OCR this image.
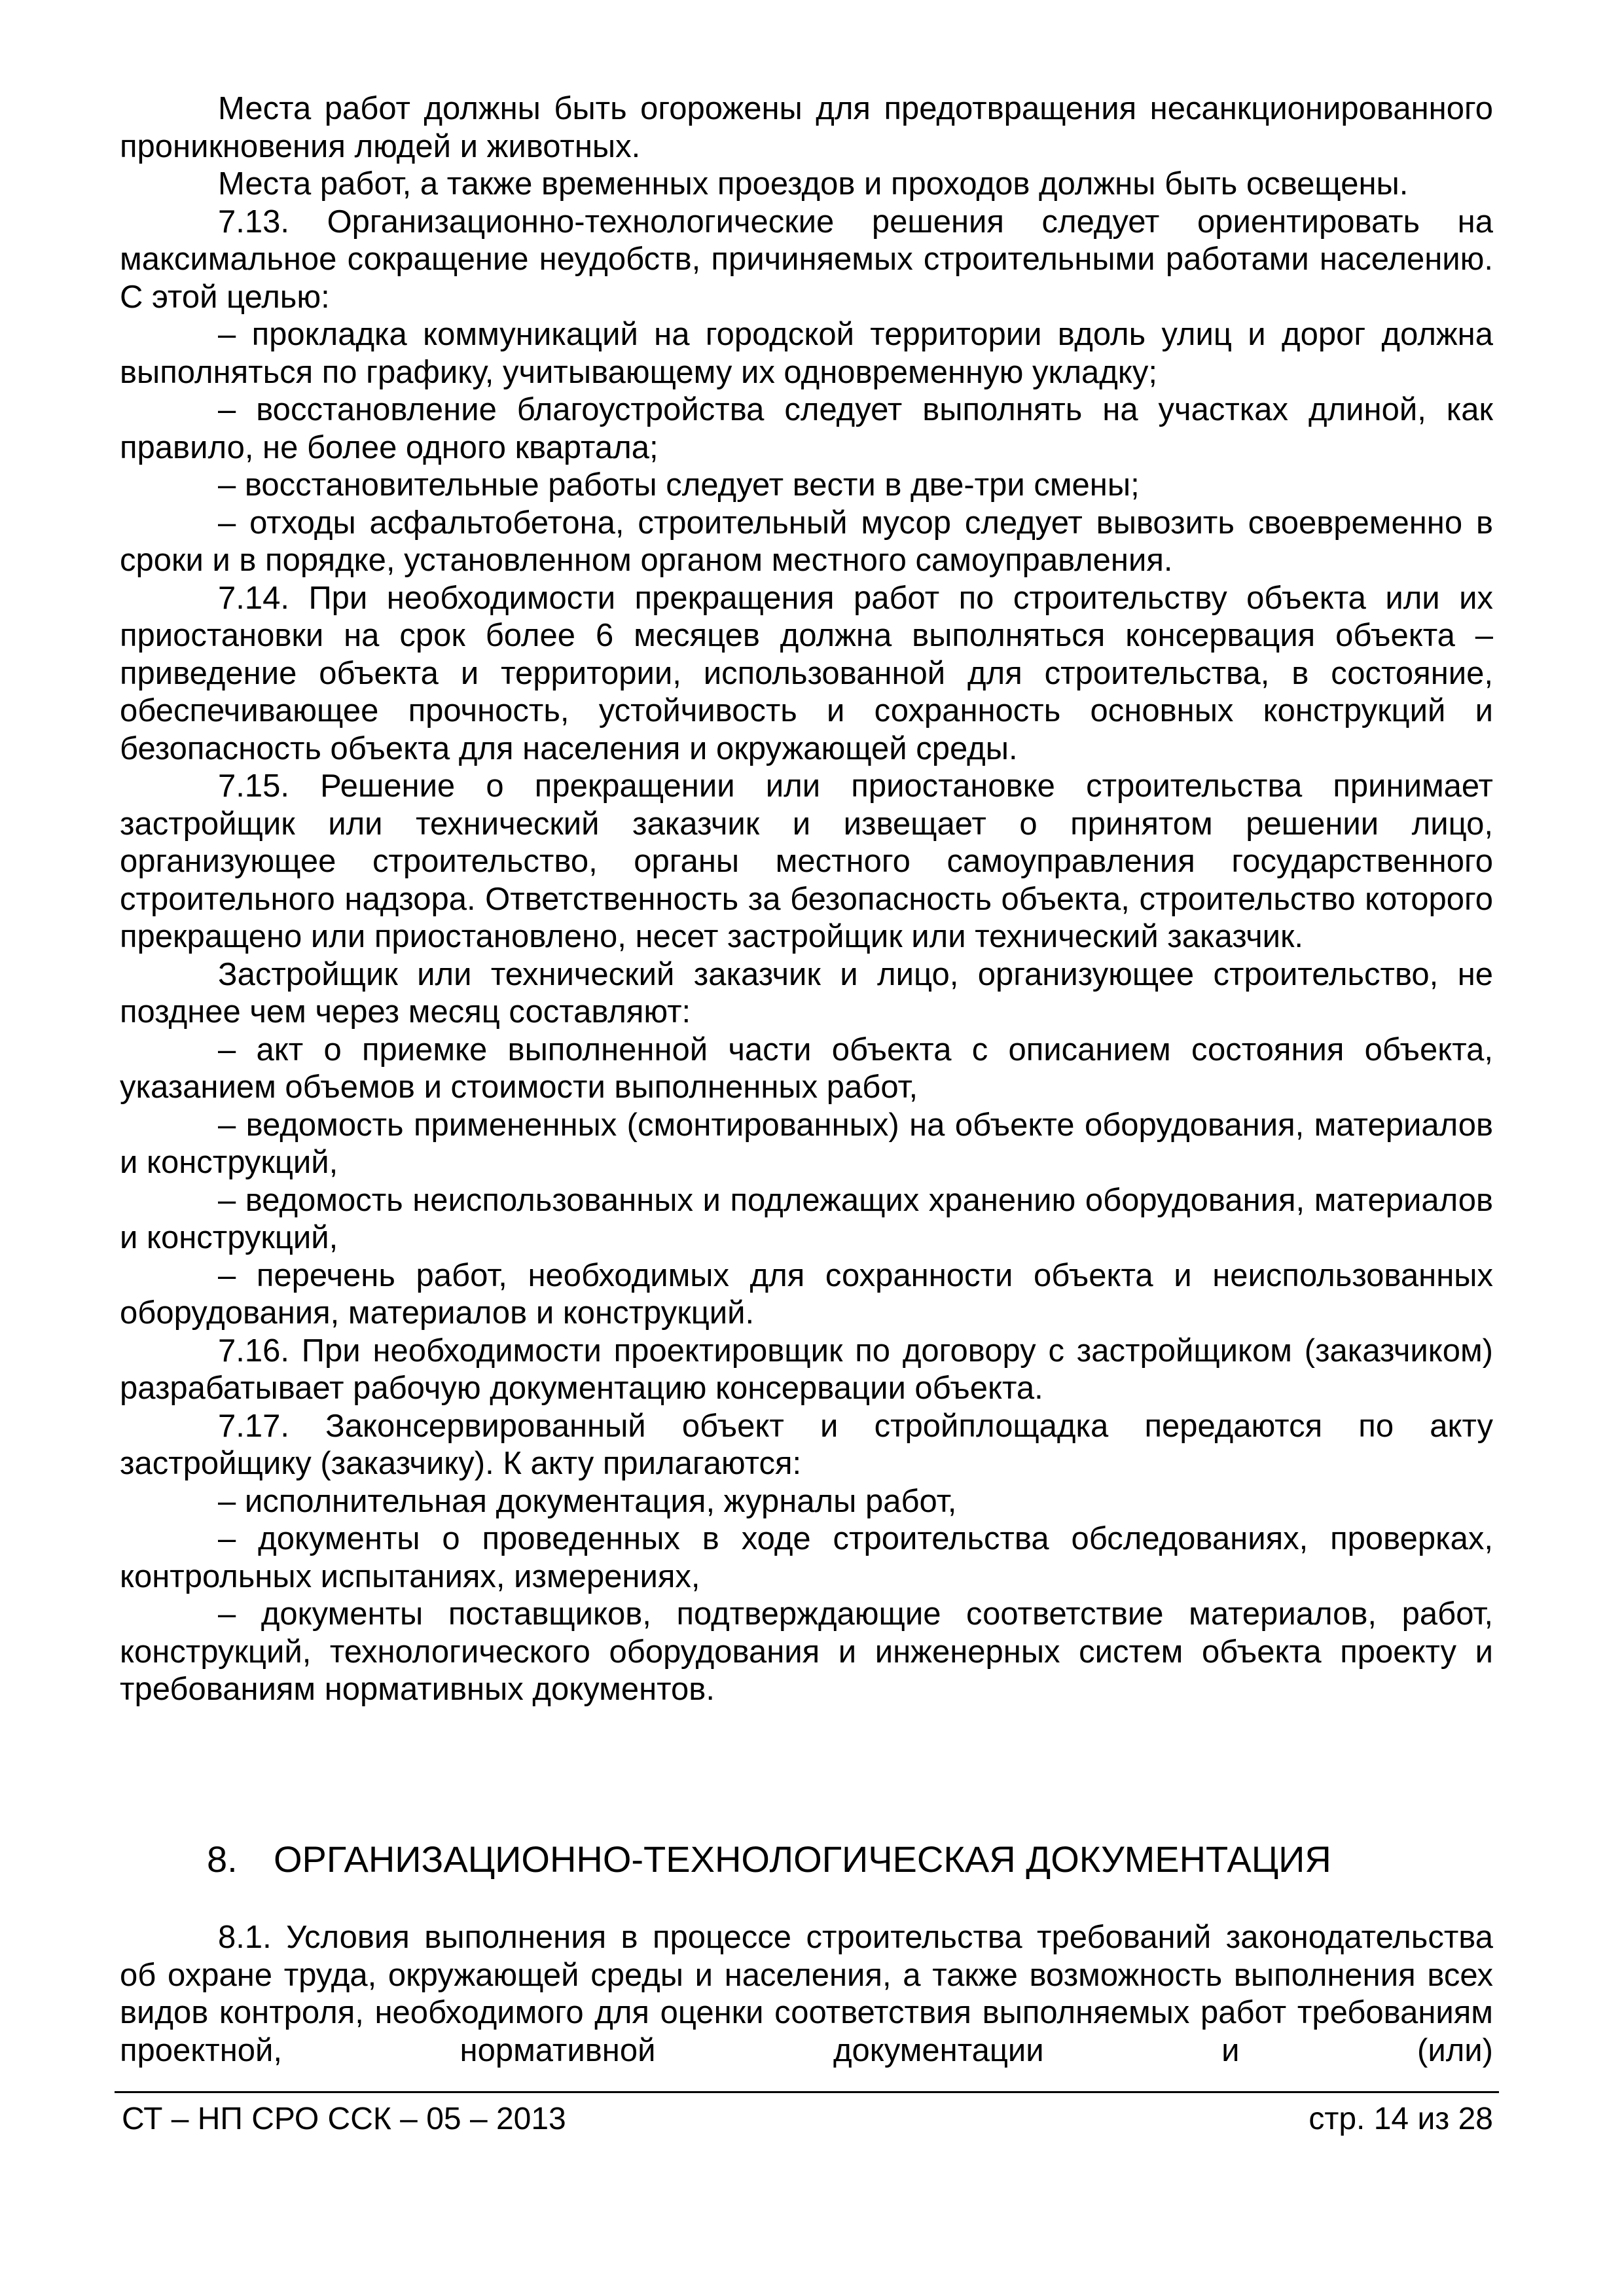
Места работ должны быть огорожены для предотвращения несанкционированного проникновения людей и животных.

Места работ, а также временных проездов и проходов должны быть освещены.

7.13. Организационно-технологические решения следует ориентировать на максимальное сокращение неудобств, причиняемых строительными работами населению. С этой целью:

– прокладка коммуникаций на городской территории вдоль улиц и дорог должна выполняться по графику, учитывающему их одновременную укладку;

– восстановление благоустройства следует выполнять на участках длиной, как правило, не более одного квартала;

– восстановительные работы следует вести в две-три смены;

– отходы асфальтобетона, строительный мусор следует вывозить своевременно в сроки и в порядке, установленном органом местного самоуправления.

7.14. При необходимости прекращения работ по строительству объекта или их приостановки на срок более 6 месяцев должна выполняться консервация объекта – приведение объекта и территории, использованной для строительства, в состояние, обеспечивающее прочность, устойчивость и сохранность основных конструкций и безопасность объекта для населения и окружающей среды.

7.15. Решение о прекращении или приостановке строительства принимает застройщик или технический заказчик и извещает о принятом решении лицо, организующее строительство, органы местного самоуправления государственного строительного надзора. Ответственность за безопасность объекта, строительство которого прекращено или приостановлено, несет застройщик или технический заказчик.

Застройщик или технический заказчик и лицо, организующее строительство, не позднее чем через месяц составляют:

– акт о приемке выполненной части объекта с описанием состояния объекта, указанием объемов и стоимости выполненных работ,

– ведомость примененных (смонтированных) на объекте оборудования, материалов и конструкций,

– ведомость неиспользованных и подлежащих хранению оборудования, материалов и конструкций,

– перечень работ, необходимых для сохранности объекта и неиспользованных оборудования, материалов и конструкций.

7.16. При необходимости проектировщик по договору с застройщиком (заказчиком) разрабатывает рабочую документацию консервации объекта.

7.17. Законсервированный объект и стройплощадка передаются по акту застройщику (заказчику). К акту прилагаются:

– исполнительная документация, журналы работ,

– документы о проведенных в ходе строительства обследованиях, проверках, контрольных испытаниях, измерениях,

– документы поставщиков, подтверждающие соответствие материалов, работ, конструкций, технологического оборудования и инженерных систем объекта проекту и требованиям нормативных документов.

8. ОРГАНИЗАЦИОННО-ТЕХНОЛОГИЧЕСКАЯ ДОКУМЕНТАЦИЯ

8.1. Условия выполнения в процессе строительства требований законодательства об охране труда, окружающей среды и населения, а также возможность выполнения всех видов контроля, необходимого для оценки соответствия выполняемых работ требованиям проектной, нормативной документации и (или)

СТ – НП СРО ССК – 05 – 2013	стр. 14 из 28
